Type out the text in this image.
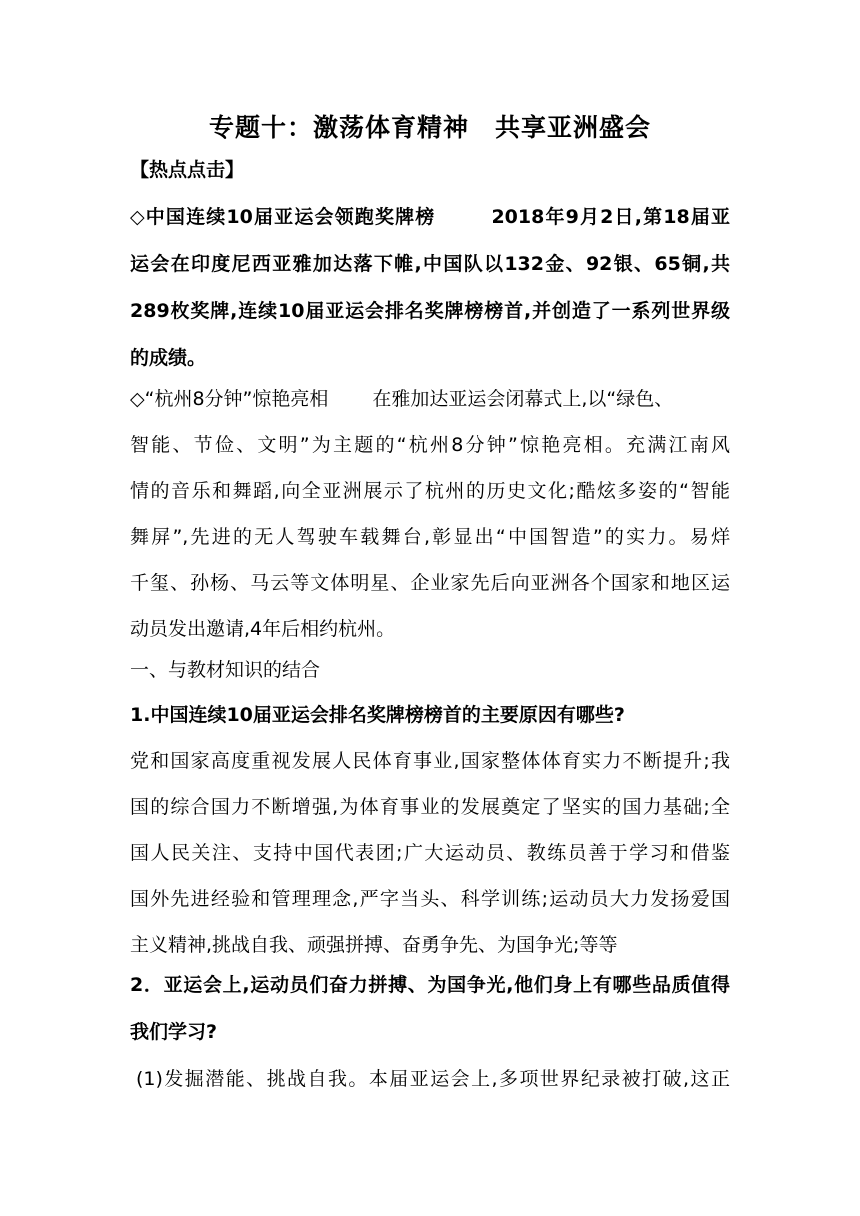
专题十：激荡体育精神　共享亚洲盛会
【热点点击】
◇中国连续10届亚运会领跑奖牌榜	2018年9月2日,第18届亚
运会在印度尼西亚雅加达落下帷,中国队以132金、92银、65铜,共
289枚奖牌,连续10届亚运会排名奖牌榜榜首,并创造了一系列世界级
的成绩。
◇“杭州8分钟”惊艳亮相 在雅加达亚运会闭幕式上,以“绿色、
智能、节俭、文明”为主题的“杭州8分钟”惊艳亮相。充满江南风
情的音乐和舞蹈,向全亚洲展示了杭州的历史文化;酷炫多姿的“智能
舞屏”,先进的无人驾驶车载舞台,彰显出“中国智造”的实力。易烊
千玺、孙杨、马云等文体明星、企业家先后向亚洲各个国家和地区运
动员发出邀请,4年后相约杭州。
一、与教材知识的结合
1.中国连续10届亚运会排名奖牌榜榜首的主要原因有哪些?
党和国家高度重视发展人民体育事业,国家整体体育实力不断提升;我
国的综合国力不断增强,为体育事业的发展奠定了坚实的国力基础;全
国人民关注、支持中国代表团;广大运动员、教练员善于学习和借鉴
国外先进经验和管理理念,严字当头、科学训练;运动员大力发扬爱国
主义精神,挑战自我、顽强拼搏、奋勇争先、为国争光;等等
2．亚运会上,运动员们奋力拼搏、为国争光,他们身上有哪些品质值得
我们学习?
(1)发掘潜能、挑战自我。本届亚运会上,多项世界纪录被打破,这正
